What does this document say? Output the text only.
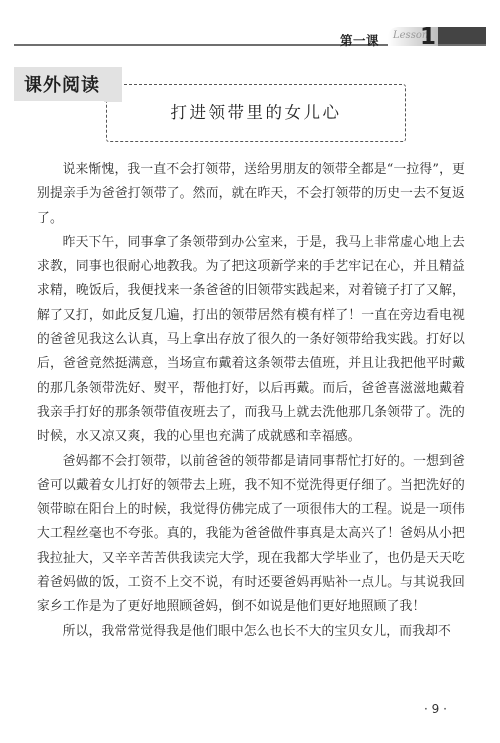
第一课 Lesson
1
课外阅读
打进领带里的女儿心

说来惭愧，我一直不会打领带，送给男朋友的领带全都是“一拉得”，更别提亲手为爸爸打领带了。然而，就在昨天，不会打领带的历史一去不复返了。

昨天下午，同事拿了条领带到办公室来，于是，我马上非常虚心地上去求教，同事也很耐心地教我。为了把这项新学来的手艺牢记在心，并且精益求精，晚饭后，我便找来一条爸爸的旧领带实践起来，对着镜子打了又解，解了又打，如此反复几遍，打出的领带居然有模有样了！一直在旁边看电视的爸爸见我这么认真，马上拿出存放了很久的一条好领带给我实践。打好以后，爸爸竟然挺满意，当场宣布戴着这条领带去值班，并且让我把他平时戴的那几条领带洗好、熨平，帮他打好，以后再戴。而后，爸爸喜滋滋地戴着我亲手打好的那条领带值夜班去了，而我马上就去洗他那几条领带了。洗的时候，水又凉又爽，我的心里也充满了成就感和幸福感。

爸妈都不会打领带，以前爸爸的领带都是请同事帮忙打好的。一想到爸爸可以戴着女儿打好的领带去上班，我不知不觉洗得更仔细了。当把洗好的领带晾在阳台上的时候，我觉得仿佛完成了一项很伟大的工程。说是一项伟大工程丝毫也不夸张。真的，我能为爸爸做件事真是太高兴了！爸妈从小把我拉扯大，又辛辛苦苦供我读完大学，现在我都大学毕业了，也仍是天天吃着爸妈做的饭，工资不上交不说，有时还要爸妈再贴补一点儿。与其说我回家乡工作是为了更好地照顾爸妈，倒不如说是他们更好地照顾了我！

所以，我常常觉得我是他们眼中怎么也长不大的宝贝女儿，而我却不

· 9 ·
